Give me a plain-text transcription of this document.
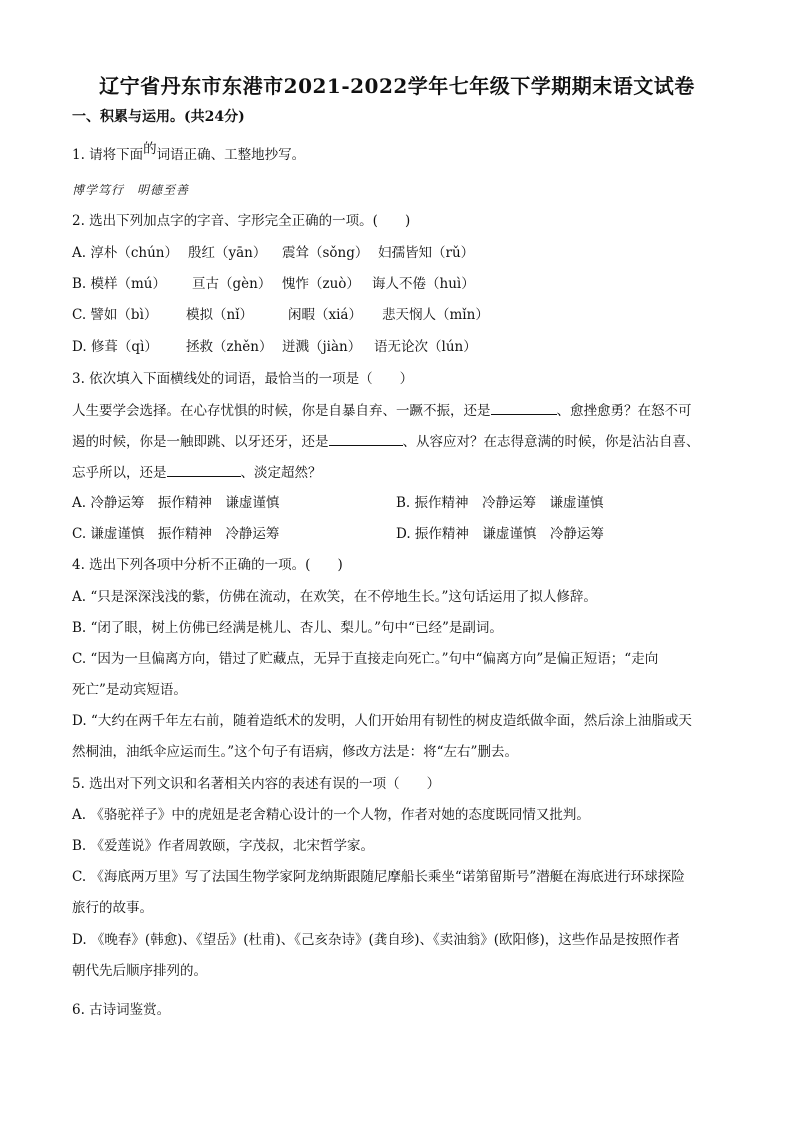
辽宁省丹东市东港市2021-2022学年七年级下学期期末语文试卷
一、积累与运用。(共24分)
1. 请将下面的词语正确、工整地抄写。
博学笃行　明德至善
2. 选出下列加点字的字音、字形完全正确的一项。(　　)
A. 淳朴（chún） 殷红（yān） 震耸（sǒng） 妇孺皆知（rǔ）
B. 模样（mú） 亘古（gèn） 愧怍（zuò） 诲人不倦（huì）
C. 譬如（bì） 模拟（nǐ）	闲暇（xiá） 悲天悯人（mǐn）
D. 修葺（qì） 拯救（zhěn） 迸溅（jiàn） 语无论次（lún）
3. 依次填入下面横线处的词语，最恰当的一项是（　　）
人生要学会选择。在心存忧惧的时候，你是自暴自弃、一蹶不振，还是	、愈挫愈勇？在怒不可
遏的时候，你是一触即跳、以牙还牙，还是	、从容应对？在志得意满的时候，你是沾沾自喜、
忘乎所以，还是	、淡定超然？
A. 冷静运筹　振作精神　谦虚谨慎	B. 振作精神　冷静运筹　谦虚谨慎
C. 谦虚谨慎　振作精神　冷静运筹	D. 振作精神　谦虚谨慎　冷静运筹
4. 选出下列各项中分析不正确的一项。(　　)
A. “只是深深浅浅的紫，仿佛在流动，在欢笑，在不停地生长。”这句话运用了拟人修辞。
B. “闭了眼，树上仿佛已经满是桃儿、杏儿、梨儿。”句中“已经”是副词。
C. “因为一旦偏离方向，错过了贮藏点，无异于直接走向死亡。”句中“偏离方向”是偏正短语；“走向
死亡”是动宾短语。
D. “大约在两千年左右前，随着造纸术的发明，人们开始用有韧性的树皮造纸做伞面，然后涂上油脂或天
然桐油，油纸伞应运而生。”这个句子有语病，修改方法是：将“左右”删去。
5. 选出对下列文识和名著相关内容的表述有误的一项（　　）
A. 《骆驼祥子》中的虎妞是老舍精心设计的一个人物，作者对她的态度既同情又批判。
B. 《爱莲说》作者周敦颐，字茂叔，北宋哲学家。
C. 《海底两万里》写了法国生物学家阿龙纳斯跟随尼摩船长乘坐“诺第留斯号”潜艇在海底进行环球探险
旅行的故事。
D. 《晚春》(韩愈)、《望岳》(杜甫)、《己亥杂诗》(龚自珍)、《卖油翁》(欧阳修)，这些作品是按照作者
朝代先后顺序排列的。
6. 古诗词鉴赏。
